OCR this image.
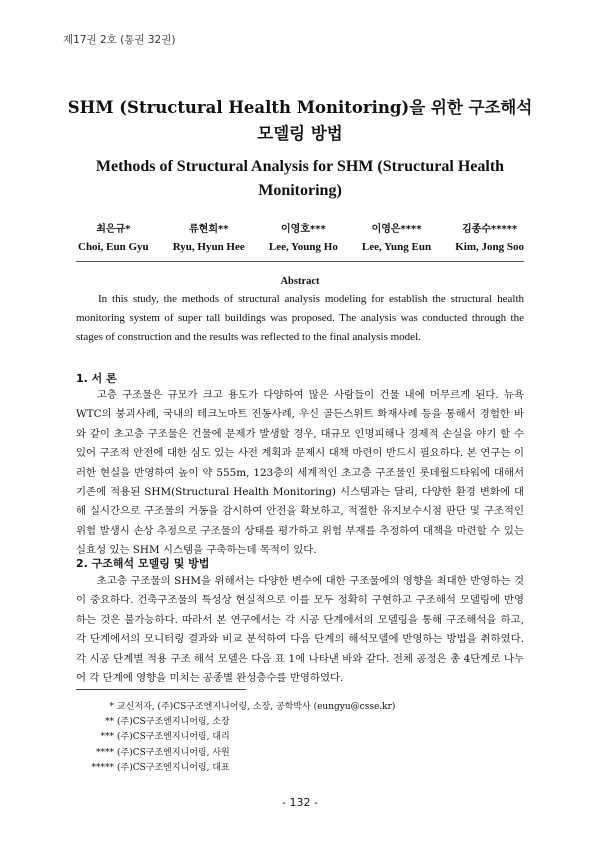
제17권 2호 (통권 32권)
SHM (Structural Health Monitoring)을 위한 구조해석
모델링 방법
Methods of Structural Analysis for SHM (Structural Health
Monitoring)
최은규*
Choi, Eun Gyu
류현희**
Ryu, Hyun Hee
이영호***
Lee, Young Ho
이영은****
Lee, Yung Eun
김종수*****
Kim, Jong Soo
Abstract

In this study, the methods of structural analysis modeling for establish the structural health monitoring system of super tall buildings was proposed. The analysis was conducted through the stages of construction and the results was reflected to the final analysis model.

1. 서 론

고층 구조물은 규모가 크고 용도가 다양하여 많은 사람들이 건물 내에 머무르게 된다. 뉴욕 WTC의 붕괴사례, 국내의 테크노마트 진동사례, 우신 골든스위트 화재사례 등을 통해서 경험한 바와 같이 초고층 구조물은 건물에 문제가 발생할 경우, 대규모 인명피해나 경제적 손실을 야기 할 수 있어 구조적 안전에 대한 심도 있는 사전 계획과 문제시 대책 마련이 반드시 필요하다. 본 연구는 이러한 현실을 반영하여 높이 약 555m, 123층의 세계적인 초고층 구조물인 롯데월드타워에 대해서 기존에 적용된 SHM(Structural Health Monitoring) 시스템과는 달리, 다양한 환경 변화에 대해 실시간으로 구조물의 거동을 감시하여 안전을 확보하고, 적절한 유지보수시점 판단 및 구조적인 위험 발생시 손상 추정으로 구조물의 상태를 평가하고 위험 부재를 추정하여 대책을 마련할 수 있는 실효성 있는 SHM 시스템을 구축하는데 목적이 있다.

2. 구조해석 모델링 및 방법

초고층 구조물의 SHM을 위해서는 다양한 변수에 대한 구조물에의 영향을 최대한 반영하는 것이 중요하다. 건축구조물의 특성상 현실적으로 이를 모두 정확히 구현하고 구조해석 모델링에 반영하는 것은 불가능하다. 따라서 본 연구에서는 각 시공 단계에서의 모델링을 통해 구조해석을 하고, 각 단계에서의 모니터링 결과와 비교 분석하여 다음 단계의 해석모델에 반영하는 방법을 취하였다. 각 시공 단계별 적용 구조 해석 모델은 다음 표 1에 나타낸 바와 같다. 전체 공정은 총 4단계로 나누어 각 단계에 영향을 미치는 공종별 완성층수를 반영하였다.

* 교신저자, (주)CS구조엔지니어링, 소장, 공학박사 (eungyu@csse.kr)
** (주)CS구조엔지니어링, 소장
*** (주)CS구조엔지니어링, 대리
**** (주)CS구조엔지니어링, 사원
***** (주)CS구조엔지니어링, 대표
- 132 -
